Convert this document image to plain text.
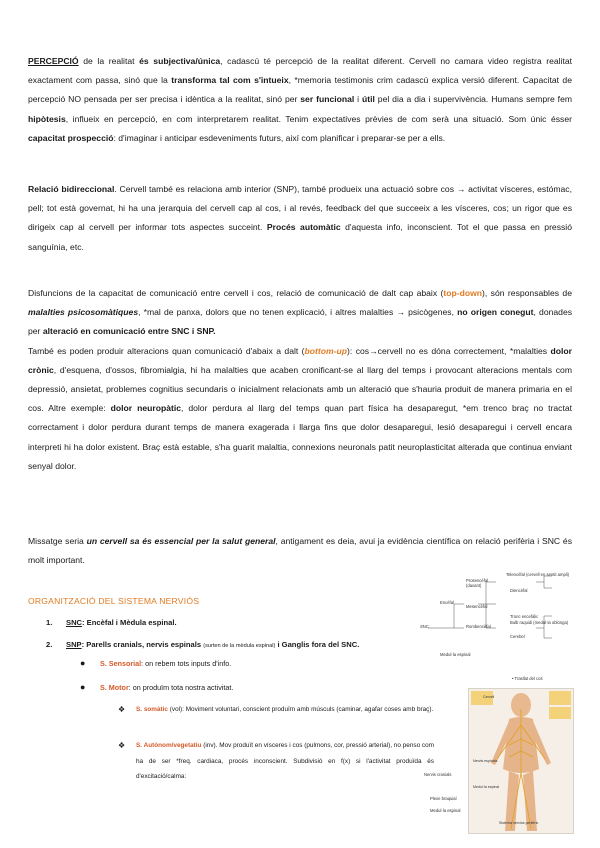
PERCEPCIÓ de la realitat és subjectiva/única, cadascú té percepció de la realitat diferent. Cervell no camara video registra realitat exactament com passa, sinó que la transforma tal com s'intueix, *memoria testimonis crim cadascú explica versió diferent. Capacitat de percepció NO pensada per ser precisa i idèntica a la realitat, sinó per ser funcional i útil pel dia a dia i supervivència. Humans sempre fem hipòtesis, influeix en percepció, en com interpretarem realitat. Tenim expectatives prèvies de com serà una situació. Som únic ésser capacitat prospecció: d'imaginar i anticipar esdeveniments futurs, així com planificar i preparar-se per a ells.

Relació bidireccional. Cervell també es relaciona amb interior (SNP), també produeix una actuació sobre cos → activitat vísceres, estómac, pell; tot està governat, hi ha una jerarquia del cervell cap al cos, i al revés, feedback del que succeeix a les vísceres, cos; un rigor que es dirigeix cap al cervell per informar tots aspectes succeint. Procés automàtic d'aquesta info, inconscient. Tot el que passa en pressió sanguínia, etc.

Disfuncions de la capacitat de comunicació entre cervell i cos, relació de comunicació de dalt cap abaix (top-down), són responsables de malalties psicosomàtiques, *mal de panxa, dolors que no tenen explicació, i altres malalties → psicògenes, no origen conegut, donades per alteració en comunicació entre SNC i SNP.
També es poden produir alteracions quan comunicació d'abaix a dalt (bottom-up): cos→cervell no es dóna correctement, *malalties dolor crònic, d'esquena, d'ossos, fibromialgia, hi ha malalties que acaben cronificant-se al llarg del temps i provocant alteracions mentals com depressió, ansietat, problemes cognitius secundaris o inicialment relacionats amb un alteració que s'hauria produit de manera primaria en el cos. Altre exemple: dolor neuropàtic, dolor perdura al llarg del temps quan part física ha desaparegut, *em trenco braç no tractat correctament i dolor perdura durant temps de manera exagerada i llarga fins que dolor desaparegui, lesió desaparegui i cervell encara interpreti hi ha dolor existent. Braç està estable, s'ha guarit malaltia, connexions neuronals patit neuroplasticitat alterada que continua enviant senyal dolor.

Missatge seria un cervell sa és essencial per la salut general, antigament es deia, avui ja evidència científica on relació perifèria i SNC és molt important.

ORGANITZACIÓ DEL SISTEMA NERVIÓS

1. SNC: Encèfal i Mèdula espinal.

2. SNP: Parells cranials, nervis espinals (surten de la mèdula espinal) i Ganglis fora del SNC.

● S. Sensorial: on rebem tots inputs d'info.

● S. Motor: on produïm tota nostra activitat.

❖ S. somàtic (vol): Moviment voluntari, conscient produïm amb músculs (caminar, agafar coses amb braç).

❖ S. Autònom/vegetatiu (inv). Mov produït en vísceres i cos (pulmons, cor, pressió arterial), no penso com ha de ser *freq. cardiaca, procés inconscient. Subdivisió en f(x) si l'activitat produïda és d'excitació/calma:

SNC
Encèfal
Prosencèfal
(davant)
Mesencèfal
Rombencèfal
Telencèfal (cervell en sentit ampli)
Diencèfal
Tronc encefàlic
Bulb raquidi (medul·la oblonga)
Cerebel
Medul·la espinal
• Trasllat del cos
Cervell
Nervis espinals
Medul·la espinal
Sistema nerviós perifèric
Nervis cranials
Plexe braquial
Medul·la espinal
